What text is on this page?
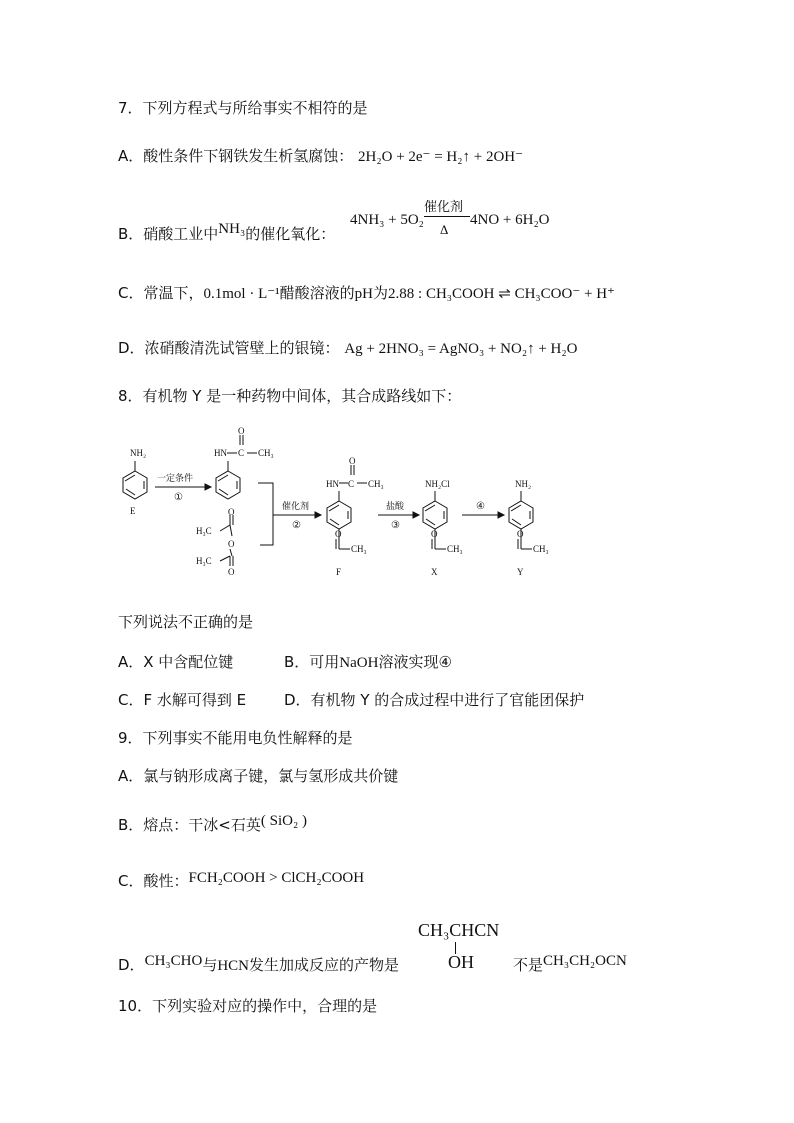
7．下列方程式与所给事实不相符的是
A．酸性条件下钢铁发生析氢腐蚀： 2H₂O + 2e⁻ = H₂↑ + 2OH⁻
B．硝酸工业中NH₃的催化氧化：
4NH₃ + 5O₂
催化剂
Δ
4NO + 6H₂O
C．常温下，0.1mol · L⁻¹醋酸溶液的pH为2.88 : CH₃COOH ⇌ CH₃COO⁻ + H⁺
D．浓硝酸清洗试管壁上的银镜： Ag + 2HNO₃ = AgNO₃ + NO₂↑ + H₂O
8．有机物 Y 是一种药物中间体，其合成路线如下：
NH₂
E
一定条件
①
HN C
O
CH₃
H₃C
O
O
H₃C
O
催化剂
②
HN C
O
CH₃
O
CH₃
F
盐酸
③
NH₂Cl
O
CH₃
X
④
NH₂
O
CH₃
Y
下列说法不正确的是
A．X 中含配位键	B．可用NaOH溶液实现④
C．F 水解可得到 E	D．有机物 Y 的合成过程中进行了官能团保护
9．下列事实不能用电负性解释的是
A．氯与钠形成离子键，氯与氢形成共价键
B．熔点：干冰<石英( SiO₂ )
C．酸性：FCH₂COOH > ClCH₂COOH
D．CH₃CHO与HCN发生加成反应的产物是
CH₃CHCN
OH	不是CH₃CH₂OCN
10．下列实验对应的操作中，合理的是
